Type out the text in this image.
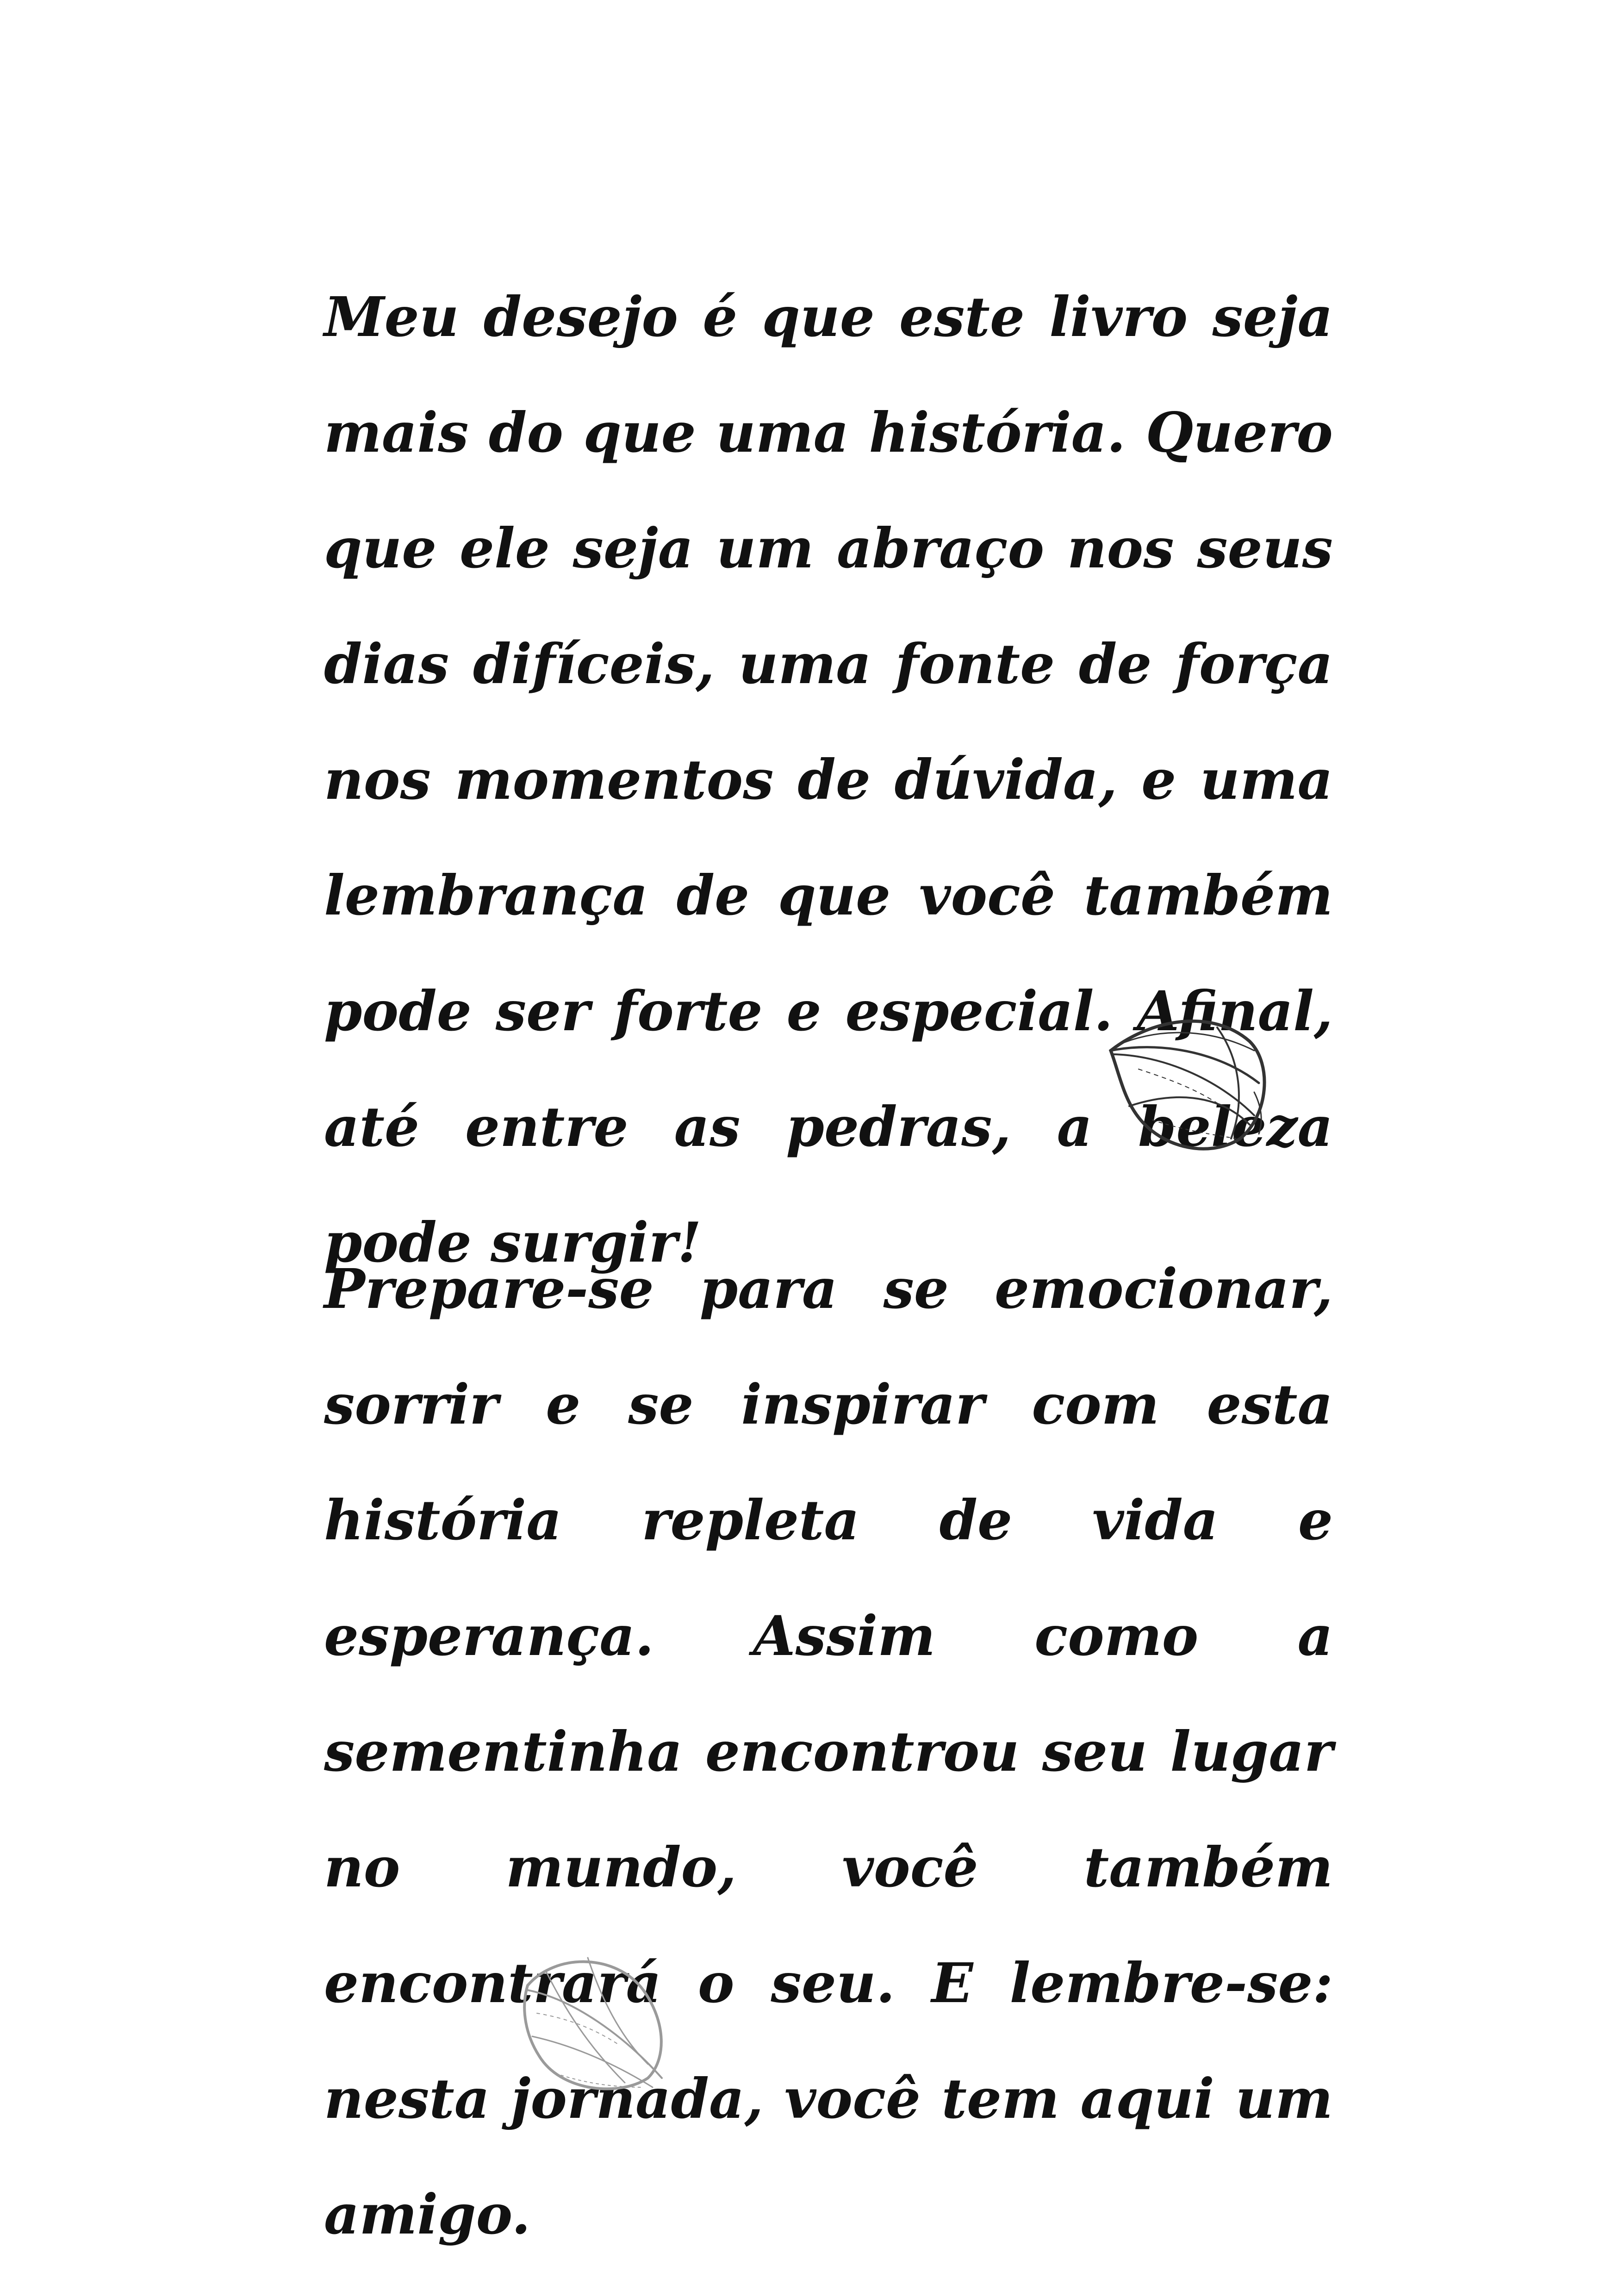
Meu desejo é que este livro seja mais do que uma história. Quero que ele seja um abraço nos seus dias difíceis, uma fonte de força nos momentos de dúvida, e uma lembrança de que você também pode ser forte e especial. Afinal, até entre as pedras, a beleza pode surgir!

Prepare-se para se emocionar, sorrir e se inspirar com esta história repleta de vida e esperança. Assim como a sementinha encontrou seu lugar no mundo, você também encontrará o seu. E lembre-se: nesta jornada, você tem aqui um amigo.
